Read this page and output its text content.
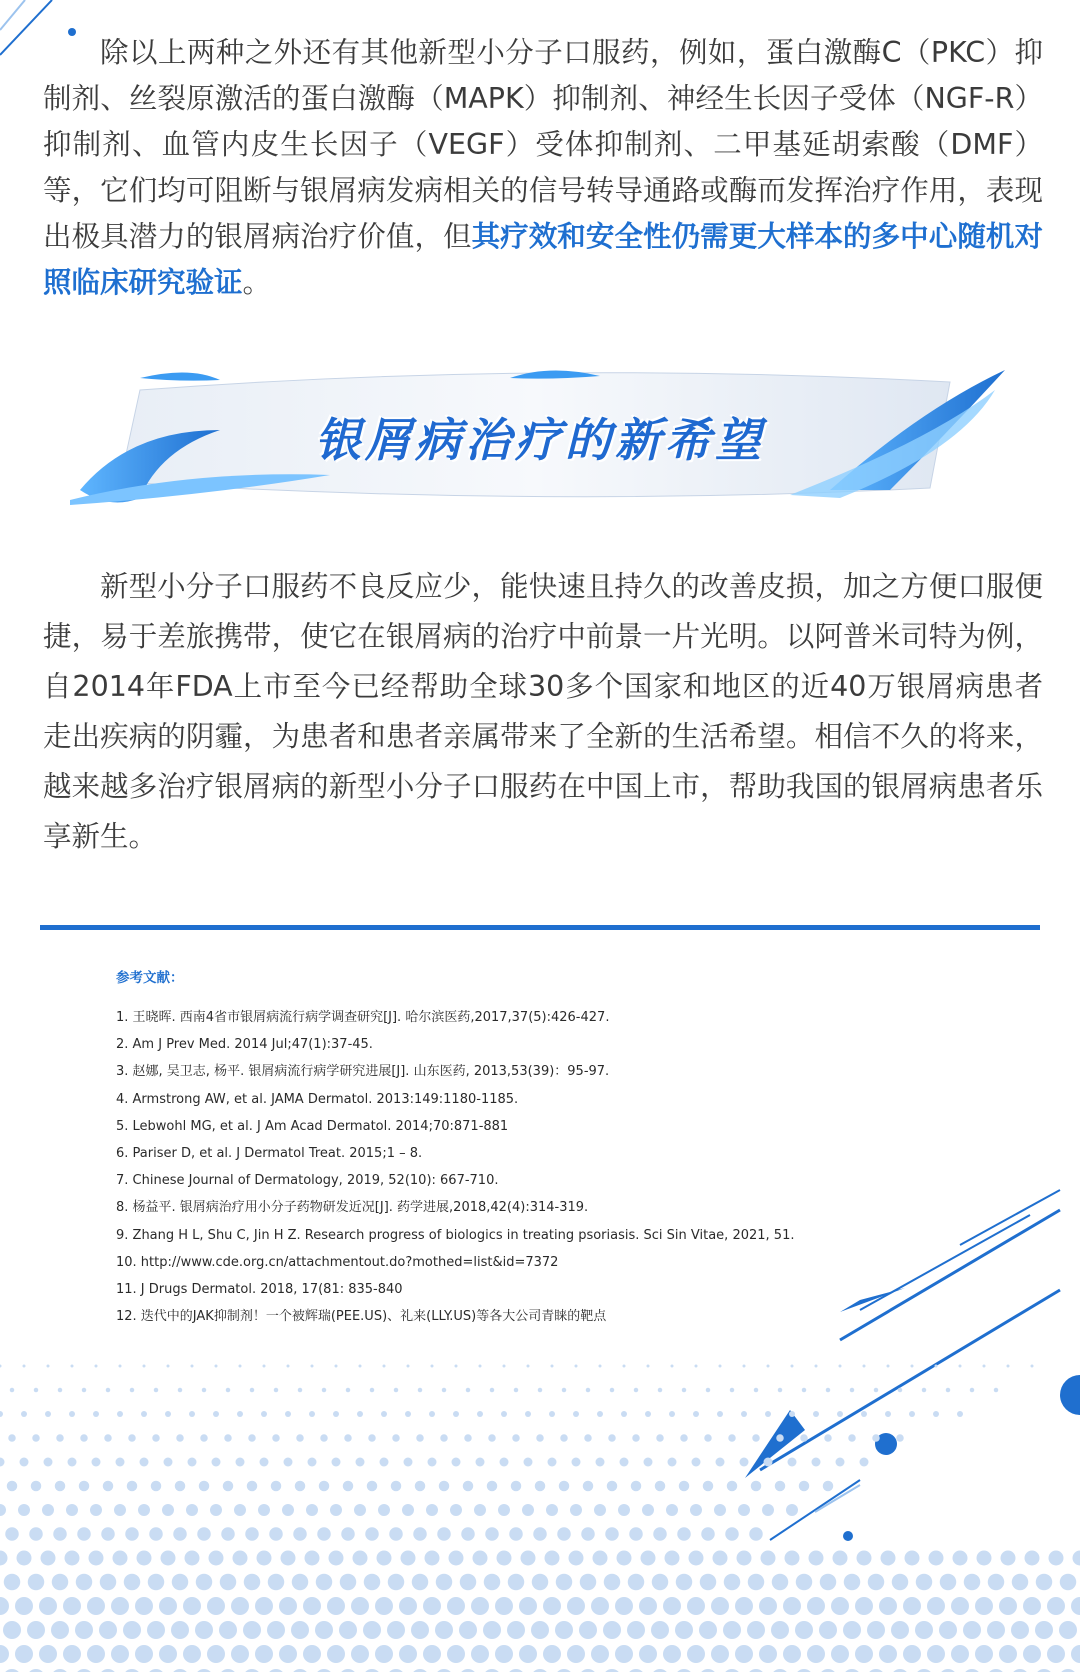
除以上两种之外还有其他新型小分子口服药，例如，蛋白激酶C（PKC）抑制剂、丝裂原激活的蛋白激酶（MAPK）抑制剂、神经生长因子受体（NGF-R）抑制剂、血管内皮生长因子（VEGF）受体抑制剂、二甲基延胡索酸（DMF）等，它们均可阻断与银屑病发病相关的信号转导通路或酶而发挥治疗作用，表现出极具潜力的银屑病治疗价值，但其疗效和安全性仍需更大样本的多中心随机对照临床研究验证。

银屑病治疗的新希望

新型小分子口服药不良反应少，能快速且持久的改善皮损，加之方便口服便捷，易于差旅携带，使它在银屑病的治疗中前景一片光明。以阿普米司特为例，自2014年FDA上市至今已经帮助全球30多个国家和地区的近40万银屑病患者走出疾病的阴霾，为患者和患者亲属带来了全新的生活希望。相信不久的将来，越来越多治疗银屑病的新型小分子口服药在中国上市，帮助我国的银屑病患者乐享新生。

参考文献：
1. 王晓晖. 西南4省市银屑病流行病学调查研究[J]. 哈尔滨医药,2017,37(5):426-427.
2. Am J Prev Med. 2014 Jul;47(1):37-45.
3. 赵娜, 吴卫志, 杨平. 银屑病流行病学研究进展[J]. 山东医药, 2013,53(39)：95-97.
4. Armstrong AW, et al. JAMA Dermatol. 2013:149:1180-1185.
5. Lebwohl MG, et al. J Am Acad Dermatol. 2014;70:871-881
6. Pariser D, et al. J Dermatol Treat. 2015;1 – 8.
7. Chinese Journal of Dermatology, 2019, 52(10): 667-710.
8. 杨益平. 银屑病治疗用小分子药物研发近况[J]. 药学进展,2018,42(4):314-319.
9. Zhang H L, Shu C, Jin H Z. Research progress of biologics in treating psoriasis. Sci Sin Vitae, 2021, 51.
10. http://www.cde.org.cn/attachmentout.do?mothed=list&id=7372
11. J Drugs Dermatol. 2018, 17(81: 835-840
12. 迭代中的JAK抑制剂！一个被辉瑞(PEE.US)、礼来(LLY.US)等各大公司青睐的靶点
